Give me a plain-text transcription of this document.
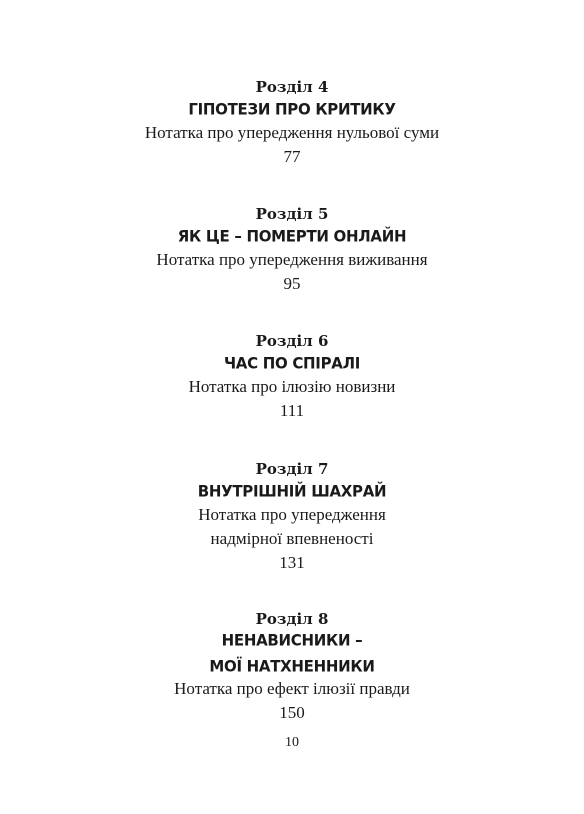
Розділ 4
ГІПОТЕЗИ ПРО КРИТИКУ
Нотатка про упередження нульової суми
77
Розділ 5
ЯК ЦЕ – ПОМЕРТИ ОНЛАЙН
Нотатка про упередження виживання
95
Розділ 6
ЧАС ПО СПІРАЛІ
Нотатка про ілюзію новизни
111
Розділ 7
ВНУТРІШНІЙ ШАХРАЙ
Нотатка про упередження
надмірної впевненості
131
Розділ 8
НЕНАВИСНИКИ –
МОЇ НАТХНЕННИКИ
Нотатка про ефект ілюзії правди
150
10
